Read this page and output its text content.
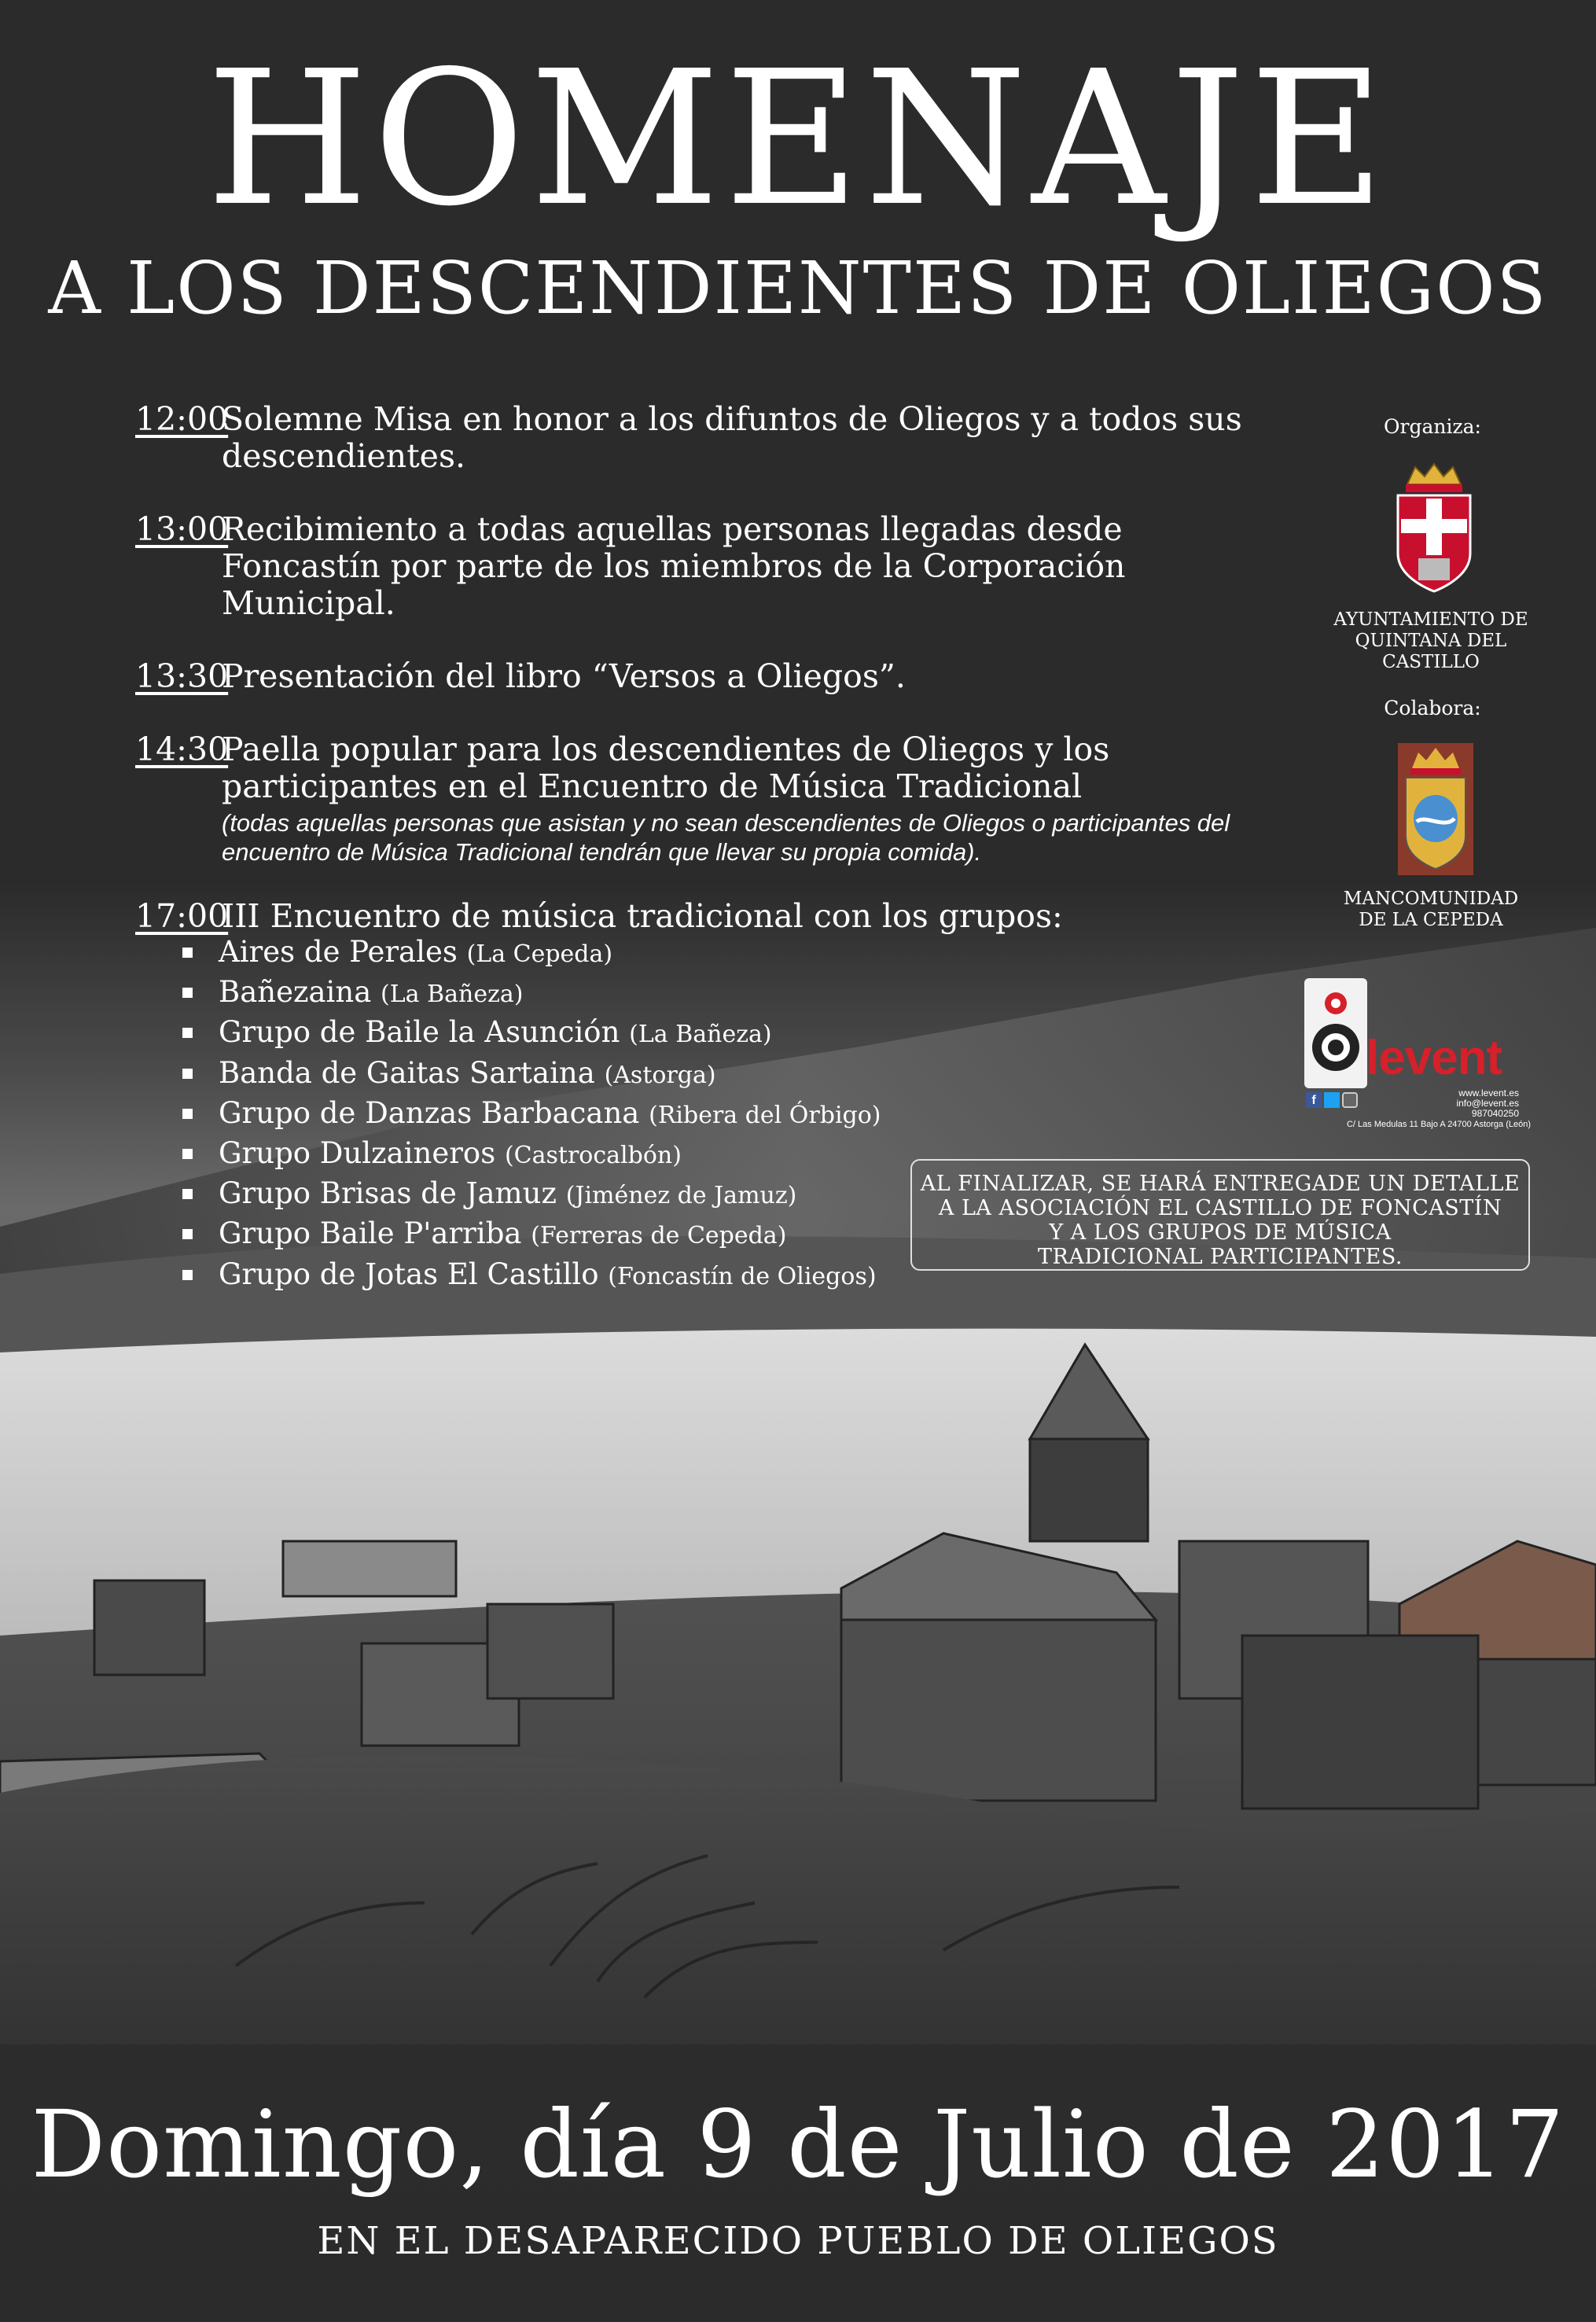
HOMENAJE
A LOS DESCENDIENTES DE OLIEGOS
12:00
Solemne Misa en honor a los difuntos de Oliegos y a todos sus descendientes.
13:00
Recibimiento a todas aquellas personas llegadas desde Foncastín por parte de los miembros de la Corporación Municipal.
13:30
Presentación del libro “Versos a Oliegos”.
14:30
Paella popular para los descendientes de Oliegos y los participantes en el Encuentro de Música Tradicional
(todas aquellas personas que asistan y no sean descendientes de Oliegos o participantes del encuentro de Música Tradicional tendrán que llevar su propia comida).
17:00
III Encuentro de música tradicional con los grupos:
Aires de Perales (La Cepeda)
Bañezaina (La Bañeza)
Grupo de Baile la Asunción (La Bañeza)
Banda de Gaitas Sartaina (Astorga)
Grupo de Danzas Barbacana (Ribera del Órbigo)
Grupo Dulzaineros (Castrocalbón)
Grupo Brisas de Jamuz (Jiménez de Jamuz)
Grupo Baile P'arriba (Ferreras de Cepeda)
Grupo de Jotas El Castillo (Foncastín de Oliegos)
Organiza:
AYUNTAMIENTO DE
QUINTANA DEL CASTILLO
Colabora:
MANCOMUNIDAD
DE LA CEPEDA
levent
www.levent.es
info@levent.es
987040250
f
C/ Las Medulas 11 Bajo A 24700 Astorga (León)
AL FINALIZAR, SE HARÁ ENTREGADE UN DETALLE
A LA ASOCIACIÓN EL CASTILLO DE FONCASTÍN
Y A LOS GRUPOS DE MÚSICA
TRADICIONAL PARTICIPANTES.
Domingo, día 9 de Julio de 2017
EN EL DESAPARECIDO PUEBLO DE OLIEGOS
